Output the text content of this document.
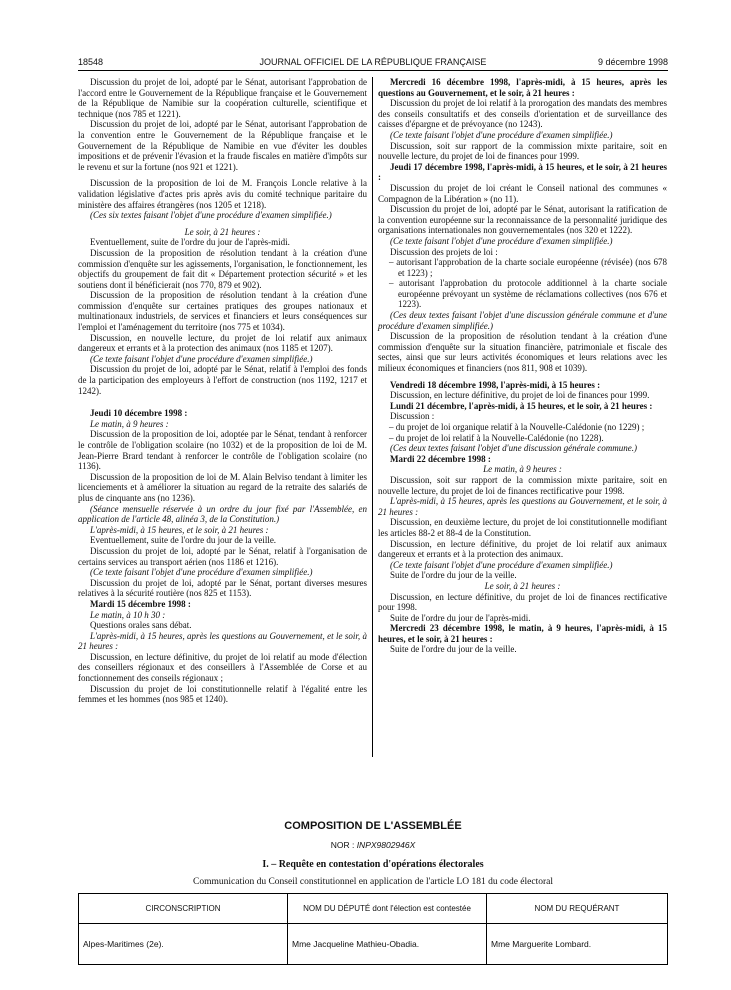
18548	JOURNAL OFFICIEL DE LA RÉPUBLIQUE FRANÇAISE	9 décembre 1998

Discussion du projet de loi, adopté par le Sénat, autorisant l'approbation de l'accord entre le Gouvernement de la République française et le Gouvernement de la République de Namibie sur la coopération culturelle, scientifique et technique (nos 785 et 1221).

Discussion du projet de loi, adopté par le Sénat, autorisant l'approbation de la convention entre le Gouvernement de la République française et le Gouvernement de la République de Namibie en vue d'éviter les doubles impositions et de prévenir l'évasion et la fraude fiscales en matière d'impôts sur le revenu et sur la fortune (nos 921 et 1221).

Discussion de la proposition de loi de M. François Loncle relative à la validation législative d'actes pris après avis du comité technique paritaire du ministère des affaires étrangères (nos 1205 et 1218).

(Ces six textes faisant l'objet d'une procédure d'examen simplifiée.)

Le soir, à 21 heures :

Eventuellement, suite de l'ordre du jour de l'après-midi.

Discussion de la proposition de résolution tendant à la création d'une commission d'enquête sur les agissements, l'organisation, le fonctionnement, les objectifs du groupement de fait dit « Département protection sécurité » et les soutiens dont il bénéficierait (nos 770, 879 et 902).

Discussion de la proposition de résolution tendant à la création d'une commission d'enquête sur certaines pratiques des groupes nationaux et multinationaux industriels, de services et financiers et leurs conséquences sur l'emploi et l'aménagement du territoire (nos 775 et 1034).

Discussion, en nouvelle lecture, du projet de loi relatif aux animaux dangereux et errants et à la protection des animaux (nos 1185 et 1207).

(Ce texte faisant l'objet d'une procédure d'examen simplifiée.)

Discussion du projet de loi, adopté par le Sénat, relatif à l'emploi des fonds de la participation des employeurs à l'effort de construction (nos 1192, 1217 et 1242).

Jeudi 10 décembre 1998 :

Le matin, à 9 heures :

Discussion de la proposition de loi, adoptée par le Sénat, tendant à renforcer le contrôle de l'obligation scolaire (no 1032) et de la proposition de loi de M. Jean-Pierre Brard tendant à renforcer le contrôle de l'obligation scolaire (no 1136).

Discussion de la proposition de loi de M. Alain Belviso tendant à limiter les licenciements et à améliorer la situation au regard de la retraite des salariés de plus de cinquante ans (no 1236).

(Séance mensuelle réservée à un ordre du jour fixé par l'Assemblée, en application de l'article 48, alinéa 3, de la Constitution.)

L'après-midi, à 15 heures, et le soir, à 21 heures :

Eventuellement, suite de l'ordre du jour de la veille.

Discussion du projet de loi, adopté par le Sénat, relatif à l'organisation de certains services au transport aérien (nos 1186 et 1216).

(Ce texte faisant l'objet d'une procédure d'examen simplifiée.)

Discussion du projet de loi, adopté par le Sénat, portant diverses mesures relatives à la sécurité routière (nos 825 et 1153).

Mardi 15 décembre 1998 :

Le matin, à 10 h 30 :

Questions orales sans débat.

L'après-midi, à 15 heures, après les questions au Gouvernement, et le soir, à 21 heures :

Discussion, en lecture définitive, du projet de loi relatif au mode d'élection des conseillers régionaux et des conseillers à l'Assemblée de Corse et au fonctionnement des conseils régionaux ;

Discussion du projet de loi constitutionnelle relatif à l'égalité entre les femmes et les hommes (nos 985 et 1240).

Mercredi 16 décembre 1998, l'après-midi, à 15 heures, après les questions au Gouvernement, et le soir, à 21 heures :

Discussion du projet de loi relatif à la prorogation des mandats des membres des conseils consultatifs et des conseils d'orientation et de surveillance des caisses d'épargne et de prévoyance (no 1243).

(Ce texte faisant l'objet d'une procédure d'examen simplifiée.)

Discussion, soit sur rapport de la commission mixte paritaire, soit en nouvelle lecture, du projet de loi de finances pour 1999.

Jeudi 17 décembre 1998, l'après-midi, à 15 heures, et le soir, à 21 heures :

Discussion du projet de loi créant le Conseil national des communes « Compagnon de la Libération » (no 11).

Discussion du projet de loi, adopté par le Sénat, autorisant la ratification de la convention européenne sur la reconnaissance de la personnalité juridique des organisations internationales non gouvernementales (nos 320 et 1222).

(Ce texte faisant l'objet d'une procédure d'examen simplifiée.)

Discussion des projets de loi :

– autorisant l'approbation de la charte sociale européenne (révisée) (nos 678 et 1223) ;

– autorisant l'approbation du protocole additionnel à la charte sociale européenne prévoyant un système de réclamations collectives (nos 676 et 1223).

(Ces deux textes faisant l'objet d'une discussion générale commune et d'une procédure d'examen simplifiée.)

Discussion de la proposition de résolution tendant à la création d'une commission d'enquête sur la situation financière, patrimoniale et fiscale des sectes, ainsi que sur leurs activités économiques et leurs relations avec les milieux économiques et financiers (nos 811, 908 et 1039).

Vendredi 18 décembre 1998, l'après-midi, à 15 heures :

Discussion, en lecture définitive, du projet de loi de finances pour 1999.

Lundi 21 décembre, l'après-midi, à 15 heures, et le soir, à 21 heures :

Discussion :

– du projet de loi organique relatif à la Nouvelle-Calédonie (no 1229) ;

– du projet de loi relatif à la Nouvelle-Calédonie (no 1228).

(Ces deux textes faisant l'objet d'une discussion générale commune.)

Mardi 22 décembre 1998 :

Le matin, à 9 heures :

Discussion, soit sur rapport de la commission mixte paritaire, soit en nouvelle lecture, du projet de loi de finances rectificative pour 1998.

L'après-midi, à 15 heures, après les questions au Gouvernement, et le soir, à 21 heures :

Discussion, en deuxième lecture, du projet de loi constitutionnelle modifiant les articles 88-2 et 88-4 de la Constitution.

Discussion, en lecture définitive, du projet de loi relatif aux animaux dangereux et errants et à la protection des animaux.

(Ce texte faisant l'objet d'une procédure d'examen simplifiée.)

Suite de l'ordre du jour de la veille.

Le soir, à 21 heures :

Discussion, en lecture définitive, du projet de loi de finances rectificative pour 1998.

Suite de l'ordre du jour de l'après-midi.

Mercredi 23 décembre 1998, le matin, à 9 heures, l'après-midi, à 15 heures, et le soir, à 21 heures :

Suite de l'ordre du jour de la veille.

COMPOSITION DE L'ASSEMBLÉE
NOR : INPX9802946X
I. – Requête en contestation d'opérations électorales
Communication du Conseil constitutionnel en application de l'article LO 181 du code électoral
CIRCONSCRIPTION	NOM DU DÉPUTÉ dont l'élection est contestée	NOM DU REQUÉRANT
Alpes-Maritimes (2e).	Mme Jacqueline Mathieu-Obadia.	Mme Marguerite Lombard.
